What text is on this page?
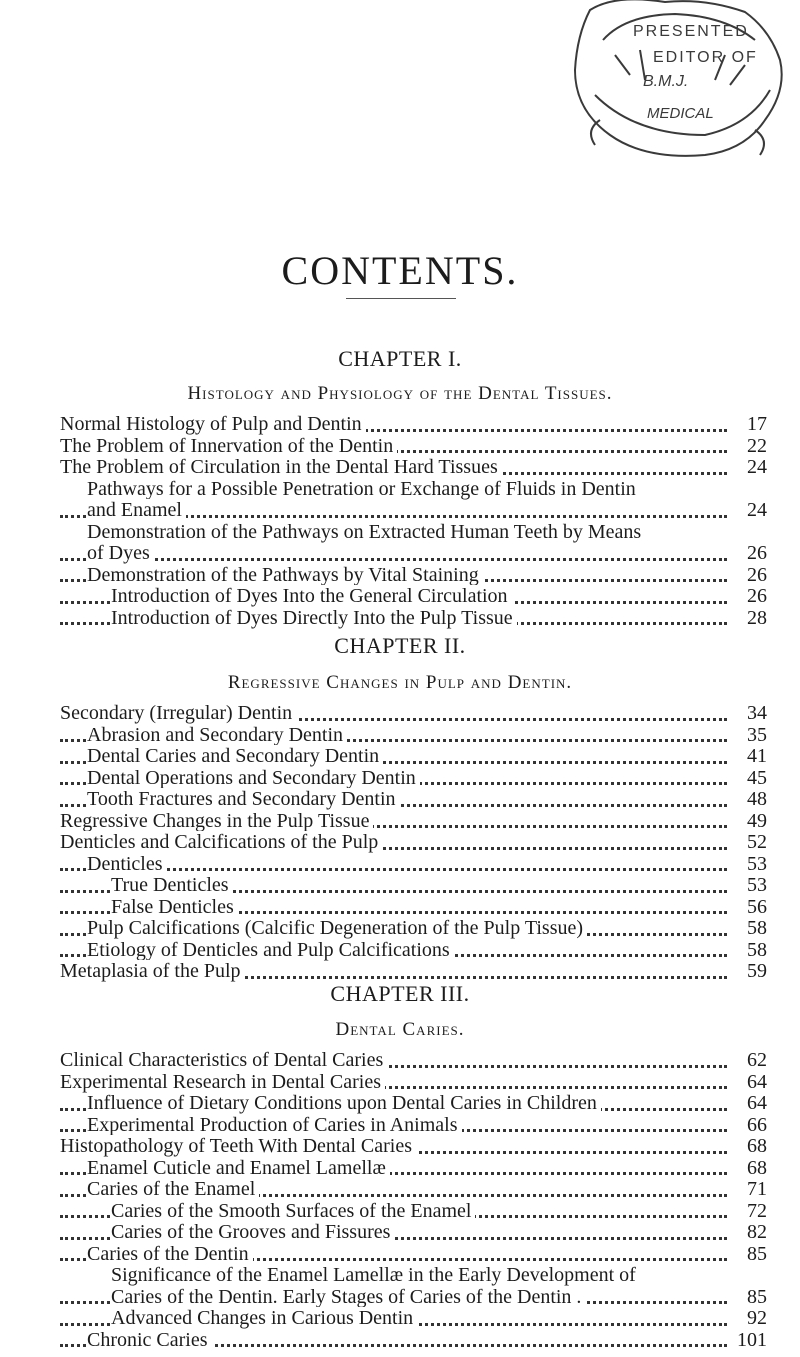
PRESENTED
EDITOR OF
B.M.J.
MEDICAL
CONTENTS.
CHAPTER I.
Histology and Physiology of the Dental Tissues.
Normal Histology of Pulp and Dentin	17
The Problem of Innervation of the Dentin	22
The Problem of Circulation in the Dental Hard Tissues	24
Pathways for a Possible Penetration or Exchange of Fluids in Dentin
and Enamel	24
Demonstration of the Pathways on Extracted Human Teeth by Means
of Dyes	26
Demonstration of the Pathways by Vital Staining	26
Introduction of Dyes Into the General Circulation	26
Introduction of Dyes Directly Into the Pulp Tissue	28
CHAPTER II.
Regressive Changes in Pulp and Dentin.
Secondary (Irregular) Dentin	34
Abrasion and Secondary Dentin	35
Dental Caries and Secondary Dentin	41
Dental Operations and Secondary Dentin	45
Tooth Fractures and Secondary Dentin	48
Regressive Changes in the Pulp Tissue	49
Denticles and Calcifications of the Pulp	52
Denticles	53
True Denticles	53
False Denticles	56
Pulp Calcifications (Calcific Degeneration of the Pulp Tissue)	58
Etiology of Denticles and Pulp Calcifications	58
Metaplasia of the Pulp	59
CHAPTER III.
Dental Caries.
Clinical Characteristics of Dental Caries	62
Experimental Research in Dental Caries	64
Influence of Dietary Conditions upon Dental Caries in Children	64
Experimental Production of Caries in Animals	66
Histopathology of Teeth With Dental Caries	68
Enamel Cuticle and Enamel Lamellæ	68
Caries of the Enamel	71
Caries of the Smooth Surfaces of the Enamel	72
Caries of the Grooves and Fissures	82
Caries of the Dentin	85
Significance of the Enamel Lamellæ in the Early Development of
Caries of the Dentin. Early Stages of Caries of the Dentin .	85
Advanced Changes in Carious Dentin	92
Chronic Caries	101
